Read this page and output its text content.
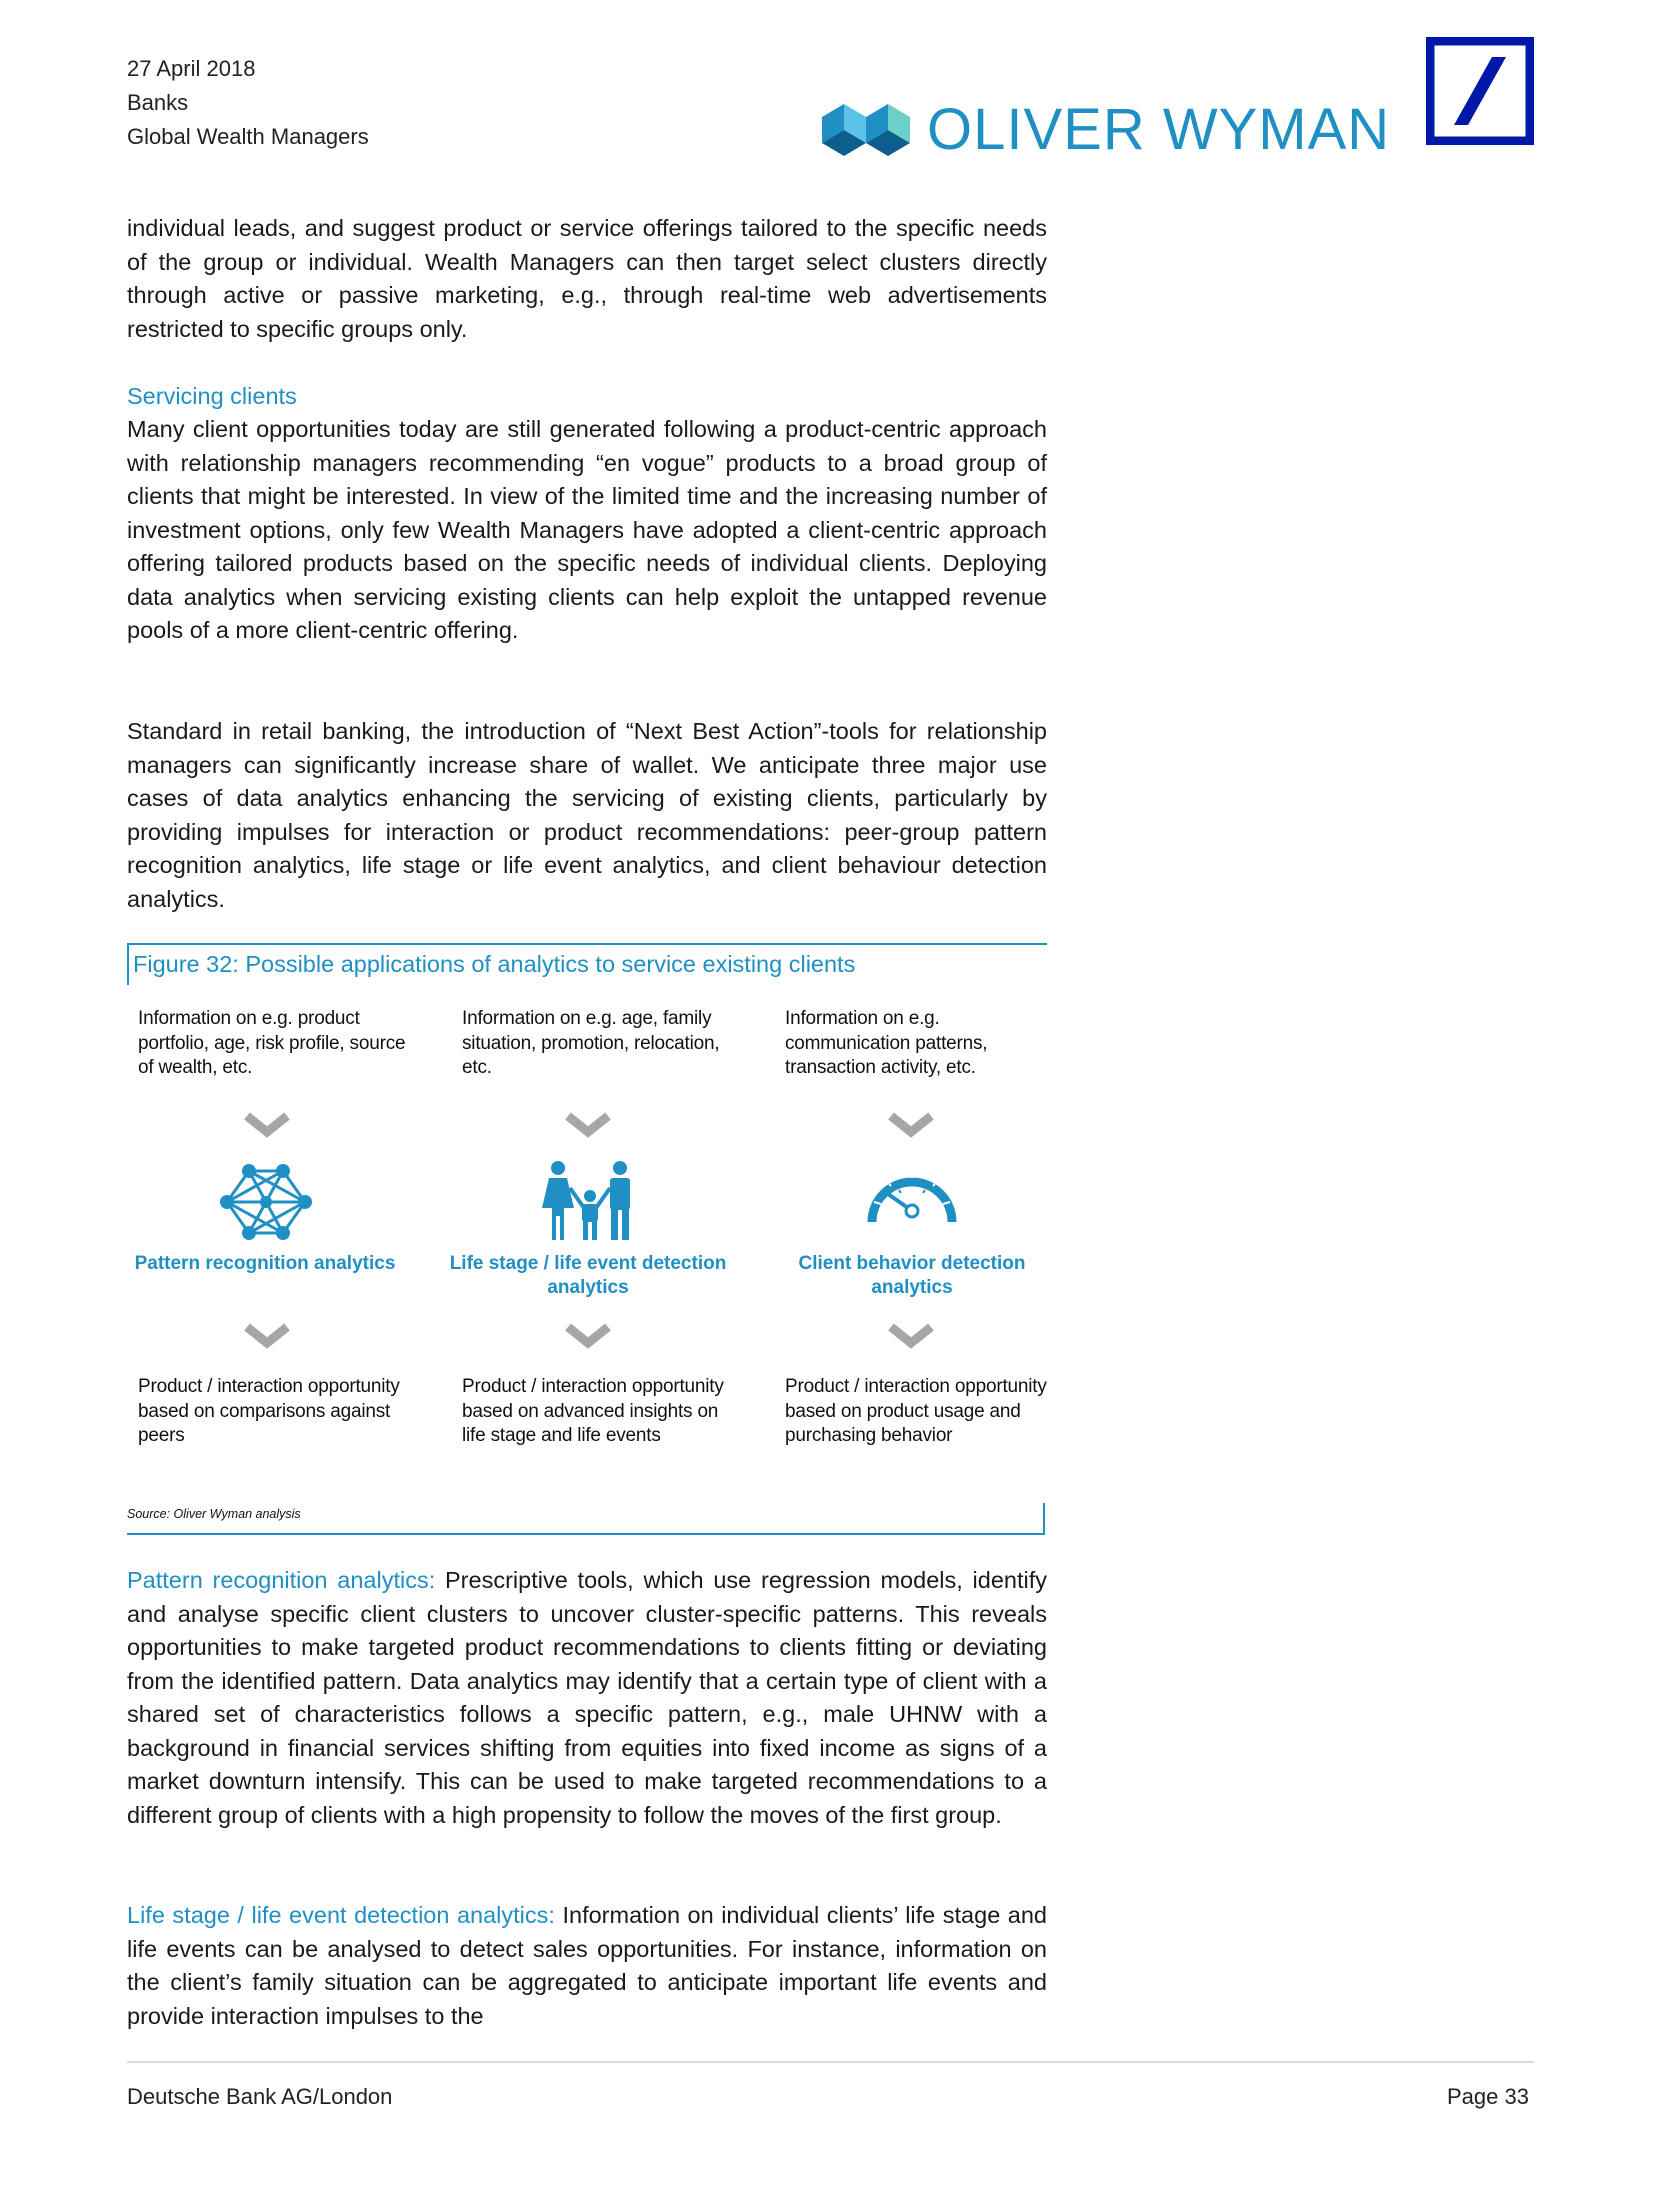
27 April 2018
Banks
Global Wealth Managers	OLIVER WYMAN

individual leads, and suggest product or service offerings tailored to the specific needs of the group or individual. Wealth Managers can then target select clusters directly through active or passive marketing, e.g., through real-time web advertisements restricted to specific groups only.

Servicing clients

Many client opportunities today are still generated following a product-centric approach with relationship managers recommending “en vogue” products to a broad group of clients that might be interested. In view of the limited time and the increasing number of investment options, only few Wealth Managers have adopted a client-centric approach offering tailored products based on the specific needs of individual clients. Deploying data analytics when servicing existing clients can help exploit the untapped revenue pools of a more client-centric offering.

Standard in retail banking, the introduction of “Next Best Action”-tools for relationship managers can significantly increase share of wallet. We anticipate three major use cases of data analytics enhancing the servicing of existing clients, particularly by providing impulses for interaction or product recommendations: peer-group pattern recognition analytics, life stage or life event analytics, and client behaviour detection analytics.

Figure 32: Possible applications of analytics to service existing clients
Information on e.g. product portfolio, age, risk profile, source of wealth, etc.
Pattern recognition analytics
Product / interaction opportunity based on comparisons against peers
Information on e.g. age, family situation, promotion, relocation, etc.
Life stage / life event detection analytics
Product / interaction opportunity based on advanced insights on life stage and life events
Information on e.g. communication patterns, transaction activity, etc.
Client behavior detection analytics
Product / interaction opportunity based on product usage and purchasing behavior
Source: Oliver Wyman analysis

Pattern recognition analytics: Prescriptive tools, which use regression models, identify and analyse specific client clusters to uncover cluster-specific patterns. This reveals opportunities to make targeted product recommendations to clients fitting or deviating from the identified pattern. Data analytics may identify that a certain type of client with a shared set of characteristics follows a specific pattern, e.g., male UHNW with a background in financial services shifting from equities into fixed income as signs of a market downturn intensify. This can be used to make targeted recommendations to a different group of clients with a high propensity to follow the moves of the first group.

Life stage / life event detection analytics: Information on individual clients’ life stage and life events can be analysed to detect sales opportunities. For instance, information on the client’s family situation can be aggregated to anticipate important life events and provide interaction impulses to the

Deutsche Bank AG/London	Page 33
